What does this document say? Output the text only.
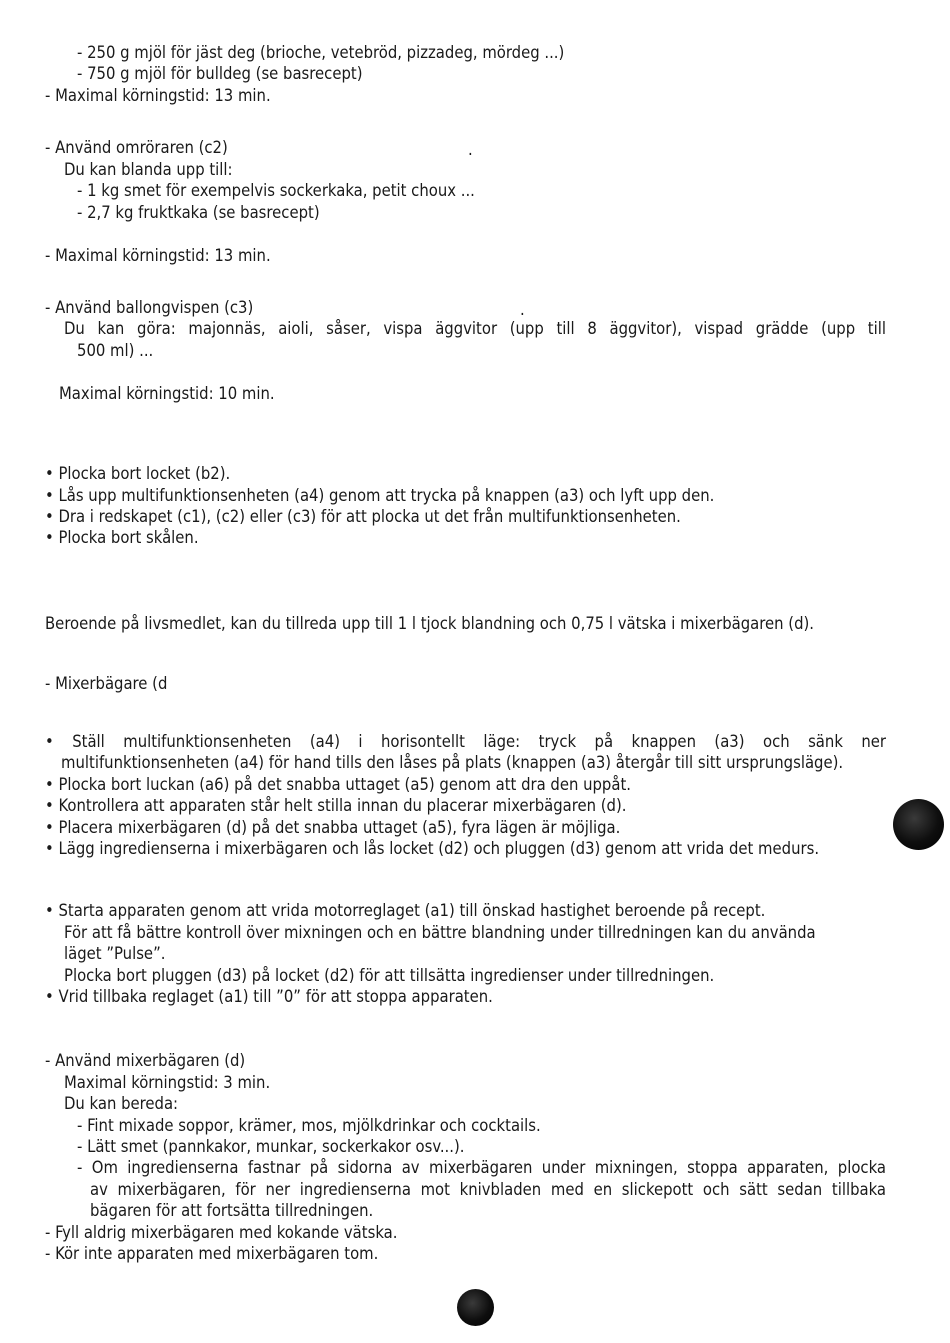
- 250 g mjöl för jäst deg (brioche, vetebröd, pizzadeg, mördeg ...)
- 750 g mjöl för bulldeg (se basrecept)
- Maximal körningstid: 13 min.
- Använd omröraren (c2)	.
Du kan blanda upp till:
- 1 kg smet för exempelvis sockerkaka, petit choux ...
- 2,7 kg fruktkaka (se basrecept)
- Maximal körningstid: 13 min.
- Använd ballongvispen (c3)	.
Du kan göra: majonnäs, aioli, såser, vispa äggvitor (upp till 8 äggvitor), vispad grädde (upp till
500 ml) ...
Maximal körningstid: 10 min.
• Plocka bort locket (b2).
• Lås upp multifunktionsenheten (a4) genom att trycka på knappen (a3) och lyft upp den.
• Dra i redskapet (c1), (c2) eller (c3) för att plocka ut det från multifunktionsenheten.
• Plocka bort skålen.
Beroende på livsmedlet, kan du tillreda upp till 1 l tjock blandning och 0,75 l vätska i mixerbägaren (d).
- Mixerbägare (d
• Ställ multifunktionsenheten (a4) i horisontellt läge: tryck på knappen (a3) och sänk ner
multifunktionsenheten (a4) för hand tills den låses på plats (knappen (a3) återgår till sitt ursprungsläge).
• Plocka bort luckan (a6) på det snabba uttaget (a5) genom att dra den uppåt.
• Kontrollera att apparaten står helt stilla innan du placerar mixerbägaren (d).
• Placera mixerbägaren (d) på det snabba uttaget (a5), fyra lägen är möjliga.
• Lägg ingredienserna i mixerbägaren och lås locket (d2) och pluggen (d3) genom att vrida det medurs.
• Starta apparaten genom att vrida motorreglaget (a1) till önskad hastighet beroende på recept.
För att få bättre kontroll över mixningen och en bättre blandning under tillredningen kan du använda
läget ”Pulse”.
Plocka bort pluggen (d3) på locket (d2) för att tillsätta ingredienser under tillredningen.
• Vrid tillbaka reglaget (a1) till ”0” för att stoppa apparaten.
- Använd mixerbägaren (d)
Maximal körningstid: 3 min.
Du kan bereda:
- Fint mixade soppor, krämer, mos, mjölkdrinkar och cocktails.
- Lätt smet (pannkakor, munkar, sockerkakor osv...).
- Om ingredienserna fastnar på sidorna av mixerbägaren under mixningen, stoppa apparaten, plocka
av mixerbägaren, för ner ingredienserna mot knivbladen med en slickepott och sätt sedan tillbaka
bägaren för att fortsätta tillredningen.
- Fyll aldrig mixerbägaren med kokande vätska.
- Kör inte apparaten med mixerbägaren tom.
